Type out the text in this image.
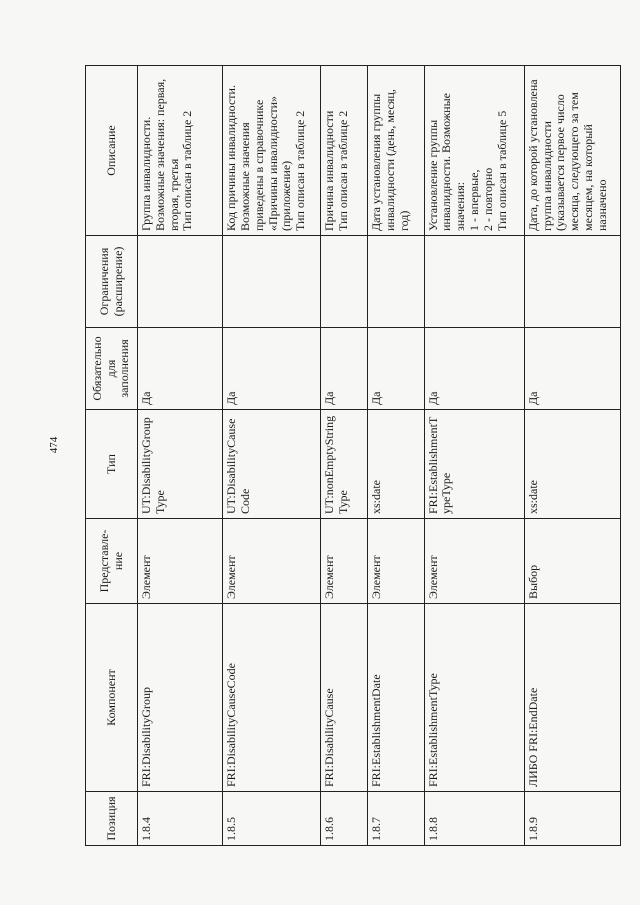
474
Позиция	Компонент	Представле-ние	Тип	Обязательно для заполнения	Ограничения (расширение)	Описание
1.8.4	FRI:DisabilityGroup	Элемент	UT:DisabilityGroupType	Да		Группа инвалидности. Возможные значения: первая, вторая, третья
Тип описан в таблице 2
1.8.5	FRI:DisabilityCauseCode	Элемент	UT:DisabilityCauseCode	Да		Код причины инвалидности. Возможные значения приведены в справочнике «Причины инвалидности» (приложение)
Тип описан в таблице 2
1.8.6	FRI:DisabilityCause	Элемент	UT:nonEmptyStringType	Да		Причина инвалидности
Тип описан в таблице 2
1.8.7	FRI:EstablishmentDate	Элемент	xs:date	Да		Дата установления группы инвалидности (день, месяц, год)
1.8.8	FRI:EstablishmentType	Элемент	FRI:EstablishmentTypeType	Да		Установление группы инвалидности. Возможные значения:
1 - впервые,
2 - повторно
Тип описан в таблице 5
1.8.9	ЛИБО FRI:EndDate	Выбор	xs:date	Да		Дата, до которой установлена группа инвалидности (указывается первое число месяца, следующего за тем месяцем, на который назначено
